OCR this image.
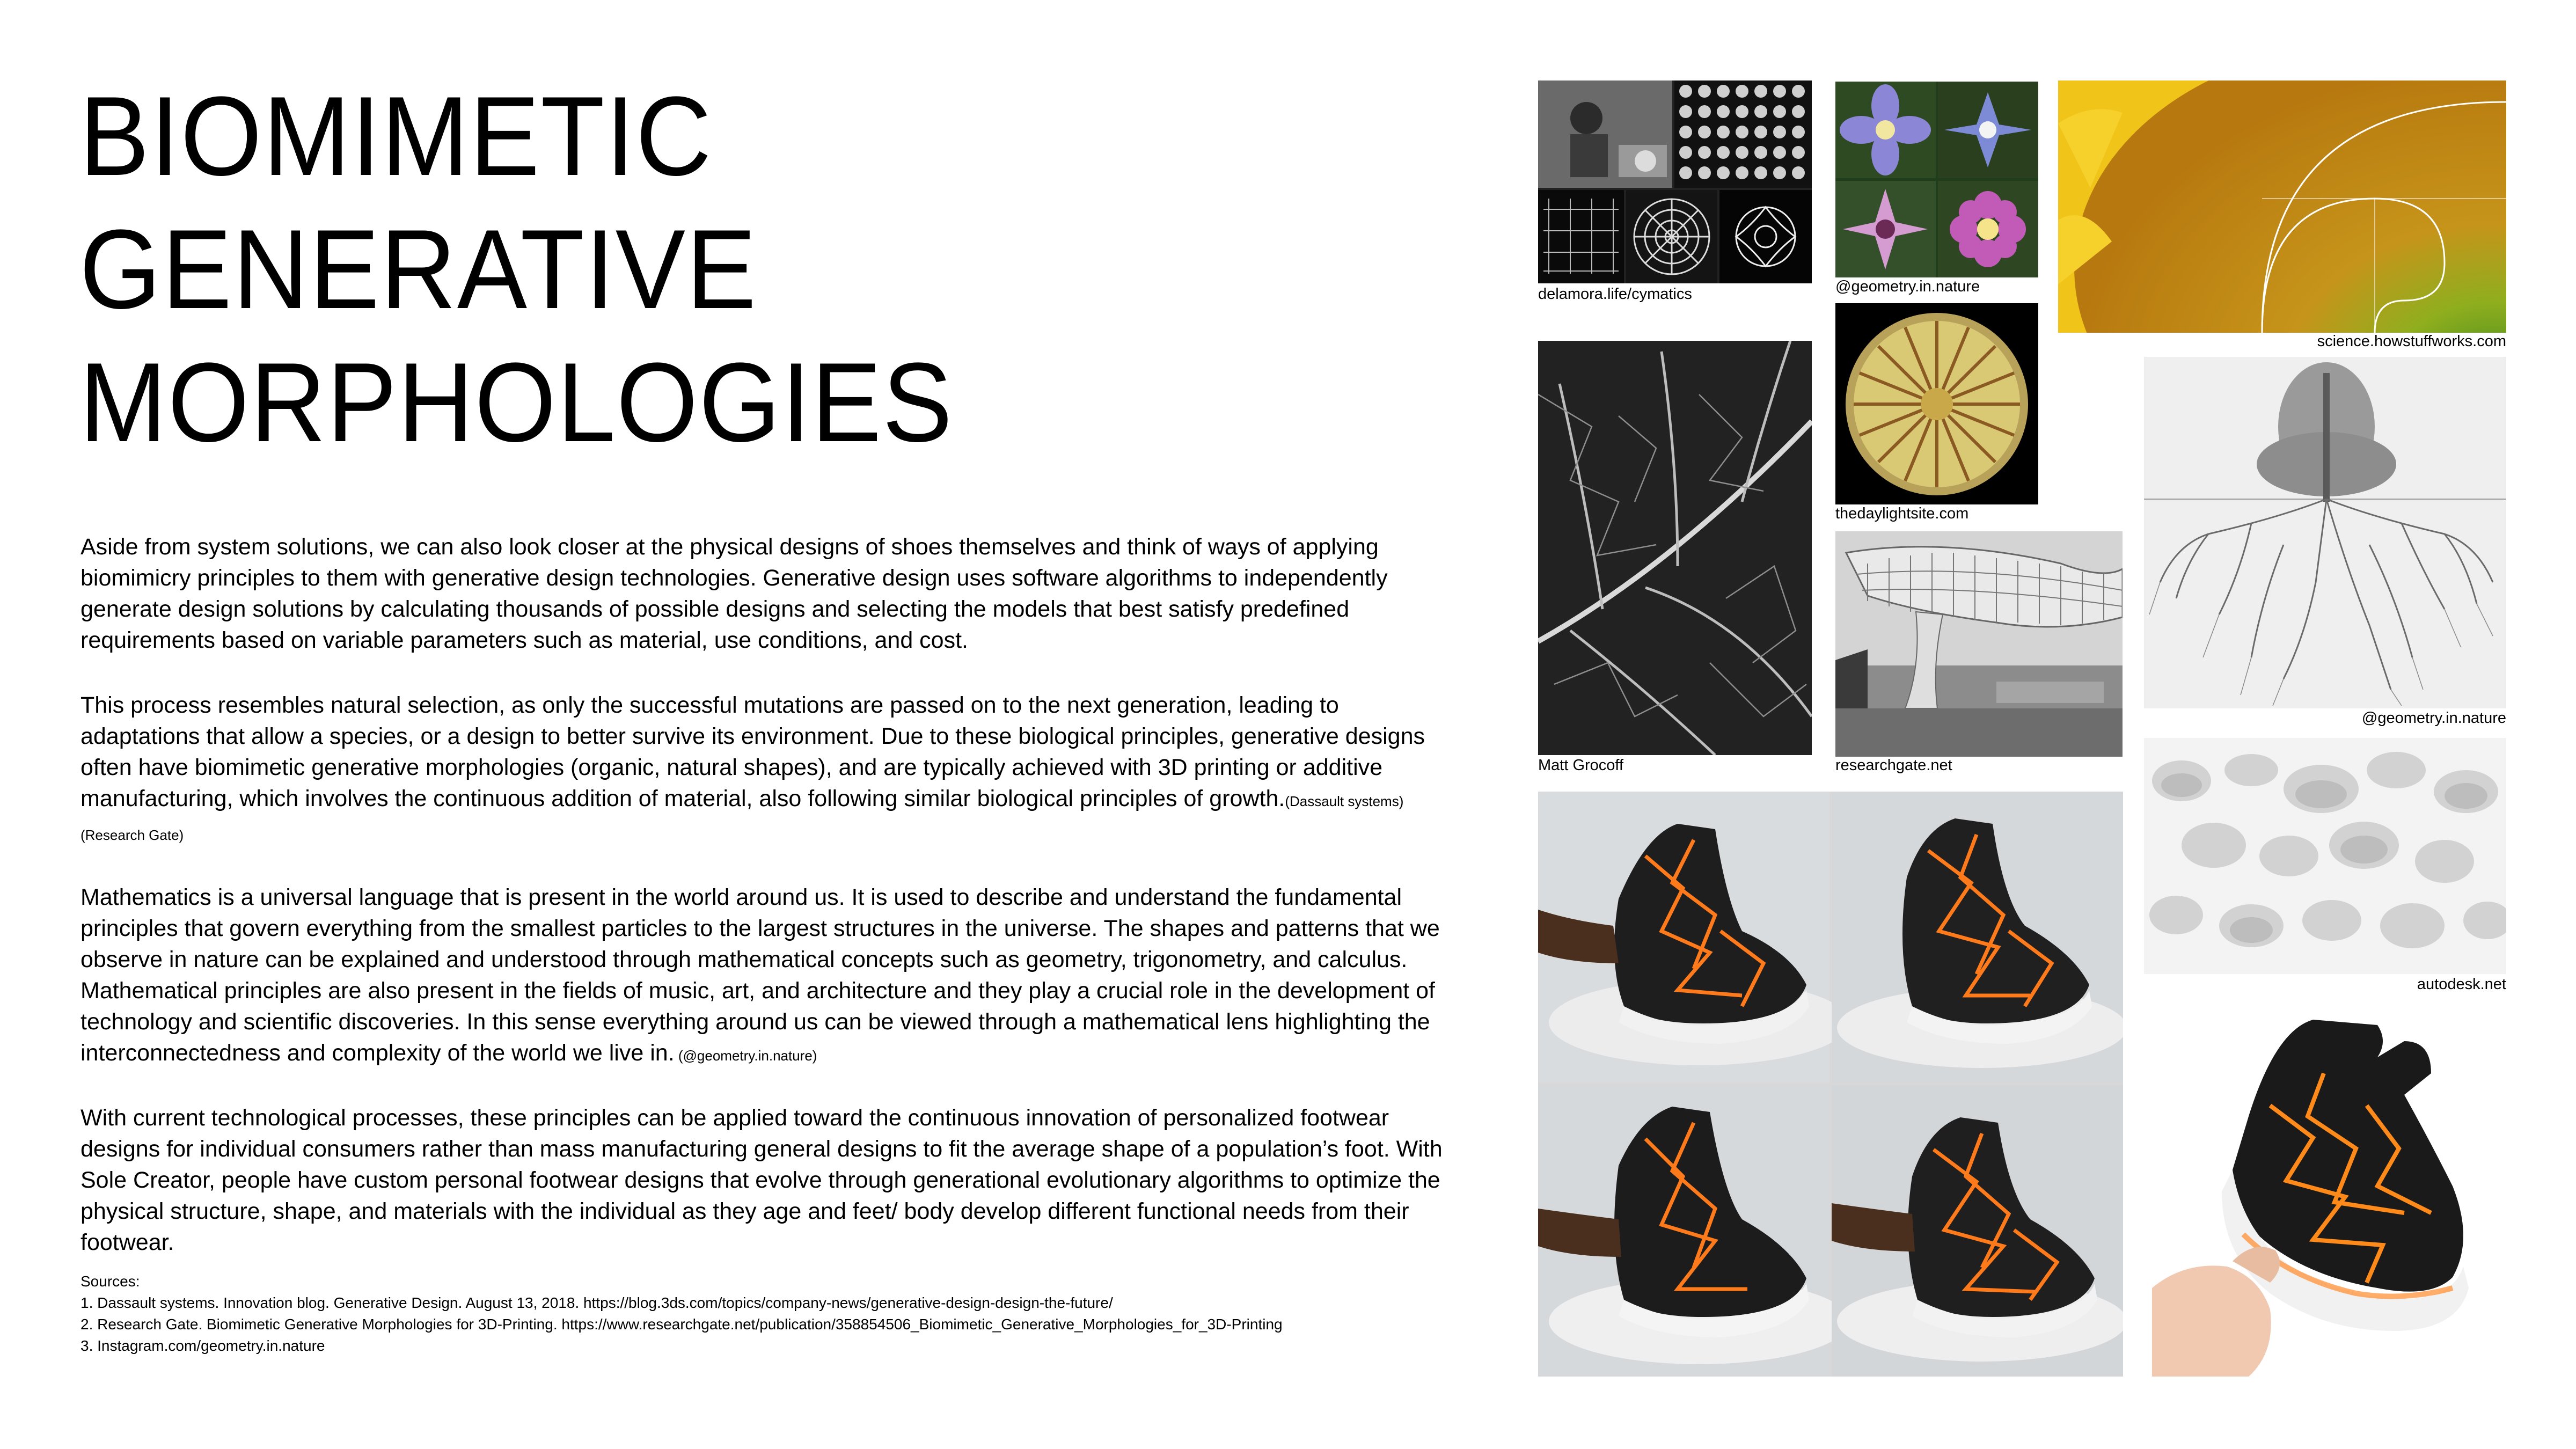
BIOMIMETIC
GENERATIVE
MORPHOLOGIES

Aside from system solutions, we can also look closer at the physical designs of shoes themselves and think of ways of applying biomimicry principles to them with generative design technologies. Generative design uses software algorithms to independently generate design solutions by calculating thousands of possible designs and selecting the models that best satisfy predefined requirements based on variable parameters such as material, use conditions, and cost.

This process resembles natural selection, as only the successful mutations are passed on to the next generation, leading to adaptations that allow a species, or a design to better survive its environment. Due to these biological principles, generative designs often have biomimetic generative morphologies (organic, natural shapes), and are typically achieved with 3D printing or additive manufacturing, which involves the continuous addition of material, also following similar biological principles of growth.(Dassault systems) (Research Gate)

Mathematics is a universal language that is present in the world around us. It is used to describe and understand the fundamental principles that govern everything from the smallest particles to the largest structures in the universe. The shapes and patterns that we observe in nature can be explained and understood through mathematical concepts such as geometry, trigonometry, and calculus. Mathematical principles are also present in the fields of music, art, and architecture and they play a crucial role in the development of technology and scientific discoveries. In this sense everything around us can be viewed through a mathematical lens highlighting the interconnectedness and complexity of the world we live in. (@geometry.in.nature)

With current technological processes, these principles can be applied toward the continuous innovation of personalized footwear designs for individual consumers rather than mass manufacturing general designs to fit the average shape of a population’s foot. With Sole Creator, people have custom personal footwear designs that evolve through generational evolutionary algorithms to optimize the physical structure, shape, and materials with the individual as they age and feet/ body develop different functional needs from their footwear.

Sources:
1. Dassault systems. Innovation blog. Generative Design. August 13, 2018. https://blog.3ds.com/topics/company-news/generative-design-design-the-future/
2. Research Gate. Biomimetic Generative Morphologies for 3D-Printing. https://www.researchgate.net/publication/358854506_Biomimetic_Generative_Morphologies_for_3D-Printing
3. Instagram.com/geometry.in.nature
delamora.life/cymatics	@geometry.in.nature
science.howstuffworks.com
thedaylightsite.com
Matt Grocoff	researchgate.net
@geometry.in.nature
autodesk.net
